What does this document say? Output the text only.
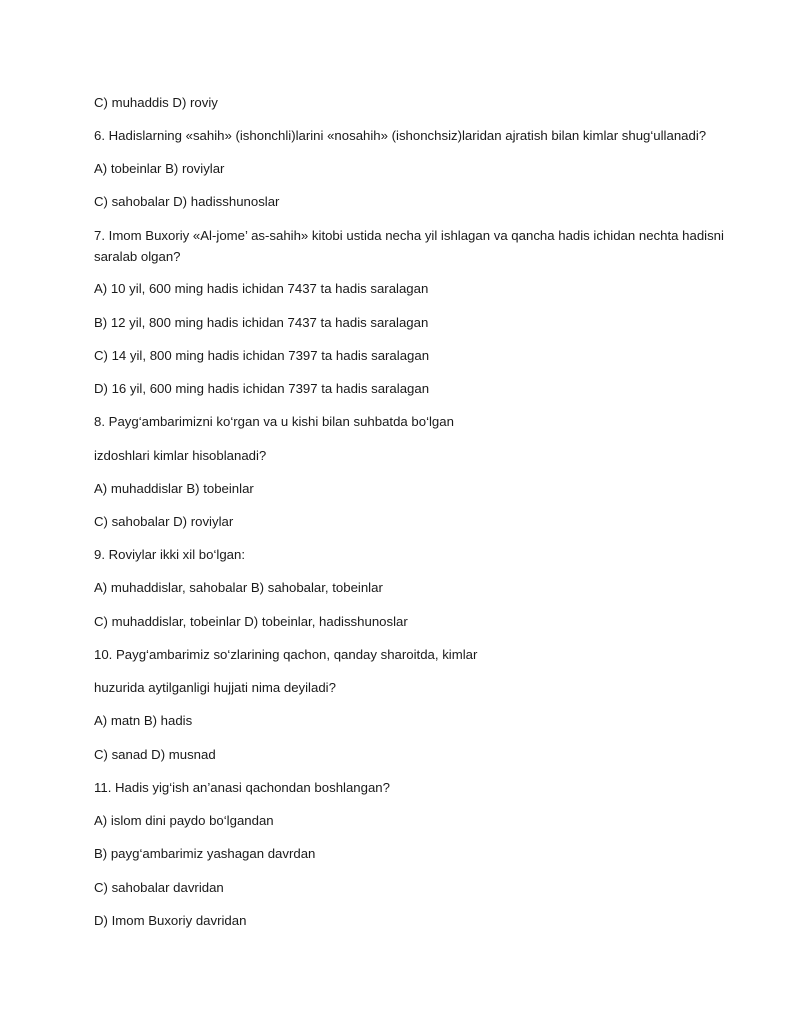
C) muhaddis D) roviy
6. Hadislarning «sahih» (ishonchli)larini «nosahih» (ishonchsiz)laridan ajratish bilan kimlar shug‘ullanadi?
A) tobeinlar B) roviylar
C) sahobalar D) hadisshunoslar
7. Imom Buxoriy «Al-jome’ as-sahih» kitobi ustida necha yil ishlagan va qancha hadis ichidan nechta hadisni saralab olgan?
A) 10 yil, 600 ming hadis ichidan 7437 ta hadis saralagan
B) 12 yil, 800 ming hadis ichidan 7437 ta hadis saralagan
C) 14 yil, 800 ming hadis ichidan 7397 ta hadis saralagan
D) 16 yil, 600 ming hadis ichidan 7397 ta hadis saralagan
8. Payg‘ambarimizni ko‘rgan va u kishi bilan suhbatda bo‘lgan
izdoshlari kimlar hisoblanadi?
A) muhaddislar B) tobeinlar
C) sahobalar D) roviylar
9. Roviylar ikki xil bo‘lgan:
A) muhaddislar, sahobalar B) sahobalar, tobeinlar
C) muhaddislar, tobeinlar D) tobeinlar, hadisshunoslar
10. Payg‘ambarimiz so‘zlarining qachon, qanday sharoitda, kimlar
huzurida aytilganligi hujjati nima deyiladi?
A) matn B) hadis
C) sanad D) musnad
11. Hadis yig‘ish an’anasi qachondan boshlangan?
A) islom dini paydo bo‘lgandan
B) payg‘ambarimiz yashagan davrdan
C) sahobalar davridan
D) Imom Buxoriy davridan
